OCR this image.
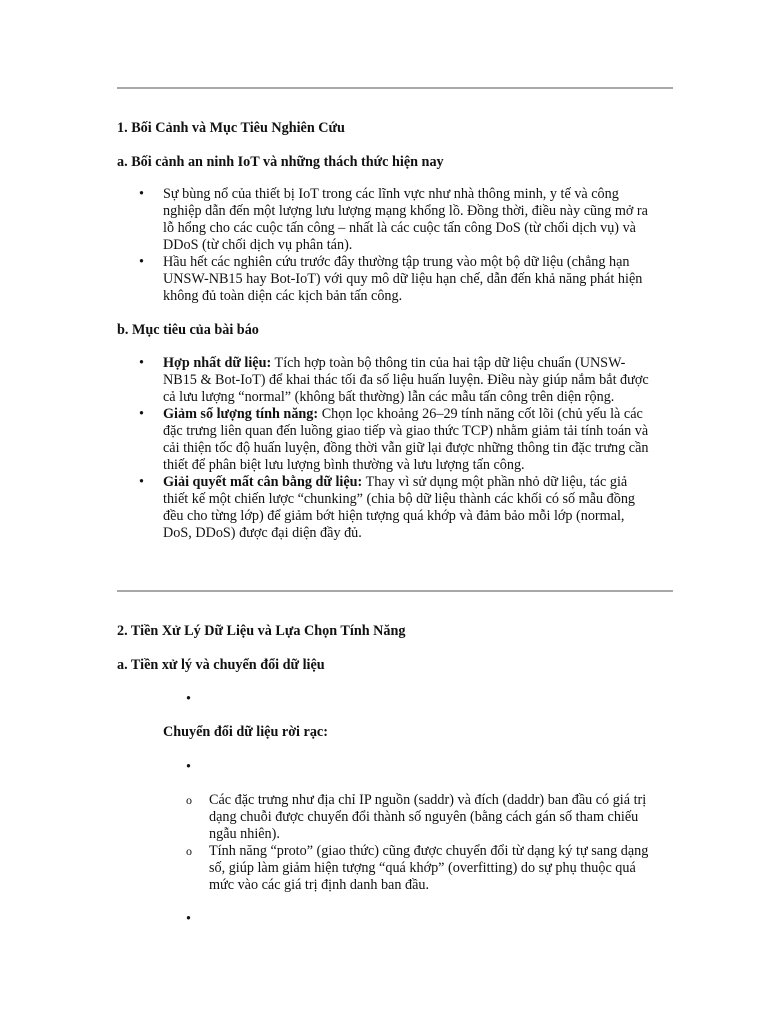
1. Bối Cảnh và Mục Tiêu Nghiên Cứu
a. Bối cảnh an ninh IoT và những thách thức hiện nay
• Sự bùng nổ của thiết bị IoT trong các lĩnh vực như nhà thông minh, y tế và công nghiệp dẫn đến một lượng lưu lượng mạng khổng lồ. Đồng thời, điều này cũng mở ra lỗ hổng cho các cuộc tấn công – nhất là các cuộc tấn công DoS (từ chối dịch vụ) và DDoS (từ chối dịch vụ phân tán).
• Hầu hết các nghiên cứu trước đây thường tập trung vào một bộ dữ liệu (chẳng hạn UNSW-NB15 hay Bot-IoT) với quy mô dữ liệu hạn chế, dẫn đến khả năng phát hiện không đủ toàn diện các kịch bản tấn công.
b. Mục tiêu của bài báo
• Hợp nhất dữ liệu: Tích hợp toàn bộ thông tin của hai tập dữ liệu chuẩn (UNSW-NB15 & Bot-IoT) để khai thác tối đa số liệu huấn luyện. Điều này giúp nắm bắt được cả lưu lượng “normal” (không bất thường) lẫn các mẫu tấn công trên diện rộng.
• Giảm số lượng tính năng: Chọn lọc khoảng 26–29 tính năng cốt lõi (chủ yếu là các đặc trưng liên quan đến luồng giao tiếp và giao thức TCP) nhằm giảm tải tính toán và cải thiện tốc độ huấn luyện, đồng thời vẫn giữ lại được những thông tin đặc trưng cần thiết để phân biệt lưu lượng bình thường và lưu lượng tấn công.
• Giải quyết mất cân bằng dữ liệu: Thay vì sử dụng một phần nhỏ dữ liệu, tác giả thiết kế một chiến lược “chunking” (chia bộ dữ liệu thành các khối có số mẫu đồng đều cho từng lớp) để giảm bớt hiện tượng quá khớp và đảm bảo mỗi lớp (normal, DoS, DDoS) được đại diện đầy đủ.
2. Tiền Xử Lý Dữ Liệu và Lựa Chọn Tính Năng
a. Tiền xử lý và chuyển đổi dữ liệu
•
Chuyển đổi dữ liệu rời rạc:
•
o Các đặc trưng như địa chỉ IP nguồn (saddr) và đích (daddr) ban đầu có giá trị dạng chuỗi được chuyển đổi thành số nguyên (bằng cách gán số tham chiếu ngẫu nhiên).
o Tính năng “proto” (giao thức) cũng được chuyển đổi từ dạng ký tự sang dạng số, giúp làm giảm hiện tượng “quá khớp” (overfitting) do sự phụ thuộc quá mức vào các giá trị định danh ban đầu.
•
